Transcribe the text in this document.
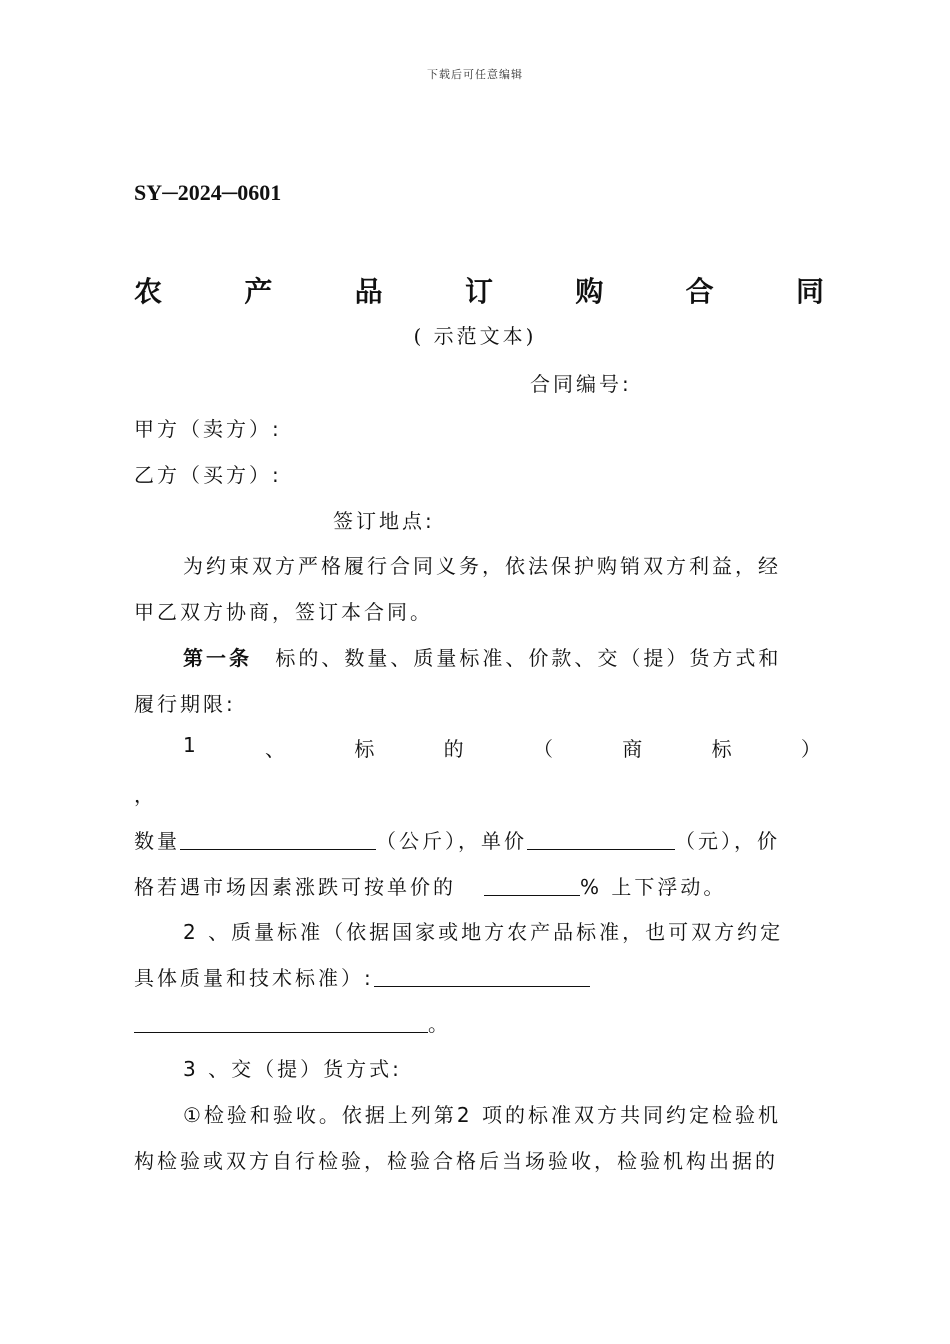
下载后可任意编辑
SY─2024─0601
农	产	品	订	购	合	同
( 示范文本)
合同编号:
甲方（卖方）:
乙方（买方）:
签订地点:
为约束双方严格履行合同义务，依法保护购销双方利益，经
甲乙双方协商，签订本合同。
第一条 标的、数量、质量标准、价款、交（提）货方式和
履行期限:
1	、	标	的	（	商	标	）
，
数量	（公斤），单价	（元），价
格若遇市场因素涨跌可按单价的	% 上下浮动。
2 、质量标准（依据国家或地方农产品标准，也可双方约定
具体质量和技术标准）:
。
3 、交（提）货方式:
①检验和验收。依据上列第2 项的标准双方共同约定检验机
构检验或双方自行检验，检验合格后当场验收，检验机构出据的
